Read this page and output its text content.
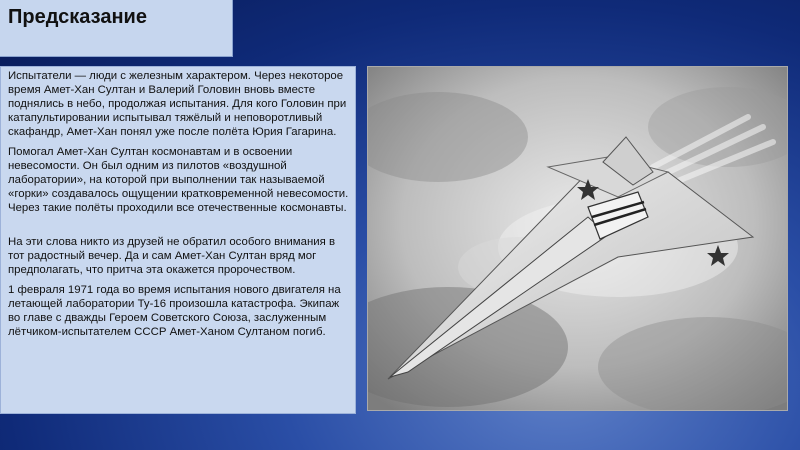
Предсказание

Испытатели — люди с железным характером. Через некоторое время Амет-Хан Султан и Валерий Головин вновь вместе поднялись в небо, продолжая испытания. Для кого Головин при катапультировании испытывал тяжёлый и неповоротливый скафандр, Амет-Хан понял уже после полёта Юрия Гагарина.

Помогал Амет-Хан Султан космонавтам и в освоении невесомости. Он был одним из пилотов «воздушной лаборатории», на которой при выполнении так называемой «горки» создавалось ощущении кратковременной невесомости. Через такие полёты проходили все отечественные космонавты.

На эти слова никто из друзей не обратил особого внимания в тот радостный вечер. Да и сам Амет-Хан Султан вряд мог предполагать, что притча эта окажется пророчеством.

1 февраля 1971 года во время испытания нового двигателя на летающей лаборатории Ту-16 произошла катастрофа. Экипаж во главе с дважды Героем Советского Союза, заслуженным лётчиком-испытателем СССР Амет-Ханом Султаном погиб.
